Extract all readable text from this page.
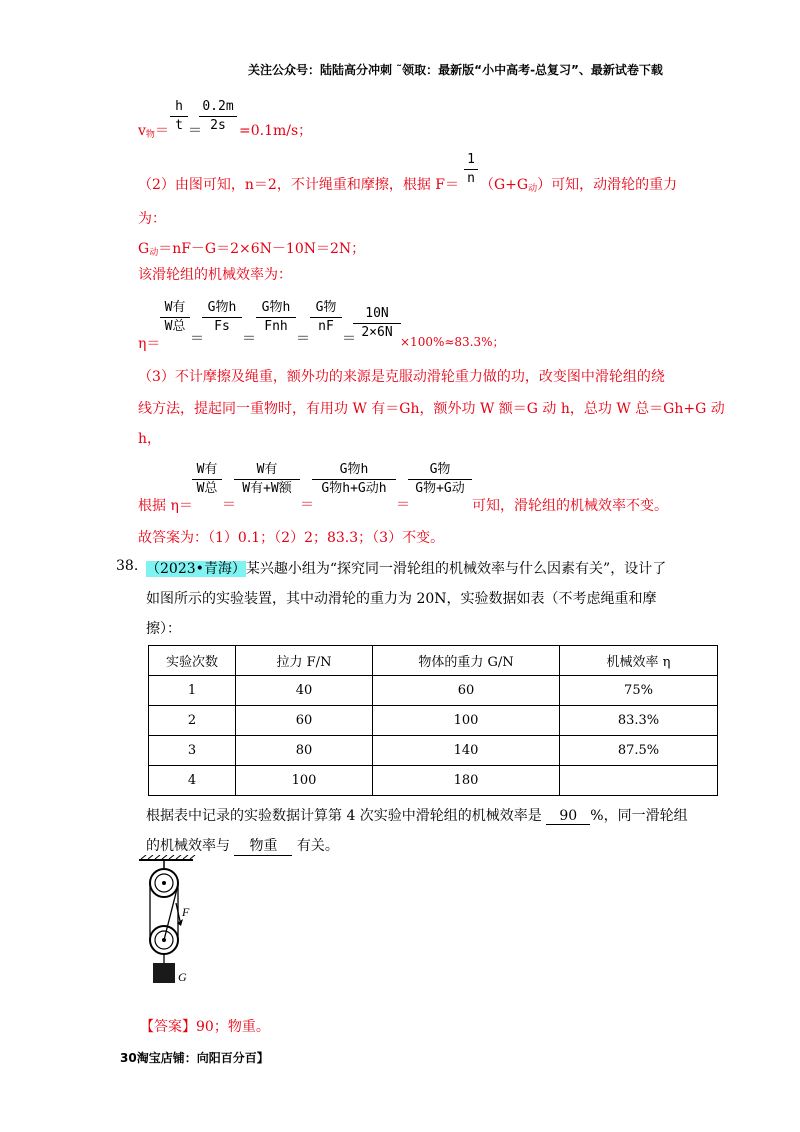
关注公众号：陆陆高分冲刺 ˜领取：最新版“小中高考-总复习”、最新试卷下载
h
t
0.2m
2s
$v_物=$ ＝	=0.1m/s；
（2）由图可知，n＝2，不计绳重和摩擦，根据 F＝
1
n $(G+G_动)$可知，动滑轮的重力
为：
$G_动=nF-G=2\times 6N-10N=2N$；
该滑轮组的机械效率为：
η＝
W有
W总
＝
G物h
Fs
＝
G物h
Fnh
＝
G物
nF
＝
10N
2×6N
×100%≈83.3%；
（3）不计摩擦及绳重，额外功的来源是克服动滑轮重力做的功，改变图中滑轮组的绕
线方法，提起同一重物时，有用功 W 有＝Gh，额外功 W 额＝G 动 h，总功 W 总＝Gh+G 动
h，
根据 η＝
W有
W总
＝
W有
W有+W额
＝
G物h
G物h+G动h
＝
G物
G物+G动
可知，滑轮组的机械效率不变。
故答案为：（1）0.1；（2）2；83.3；（3）不变。
38. （2023•青海）某兴趣小组为“探究同一滑轮组的机械效率与什么因素有关”，设计了
如图所示的实验装置，其中动滑轮的重力为 20N，实验数据如表（不考虑绳重和摩
擦）：
实验次数	拉力 F/N	物体的重力 G/N	机械效率 η
1	40	60	75%
2	60	100	83.3%
3	80	140	87.5%
4	100	180	
根据表中记录的实验数据计算第 4 次实验中滑轮组的机械效率是 90 %，同一滑轮组
的机械效率与 物重 有关。
F
G
【答案】90；物重。
30淘宝店铺：向阳百分百】
